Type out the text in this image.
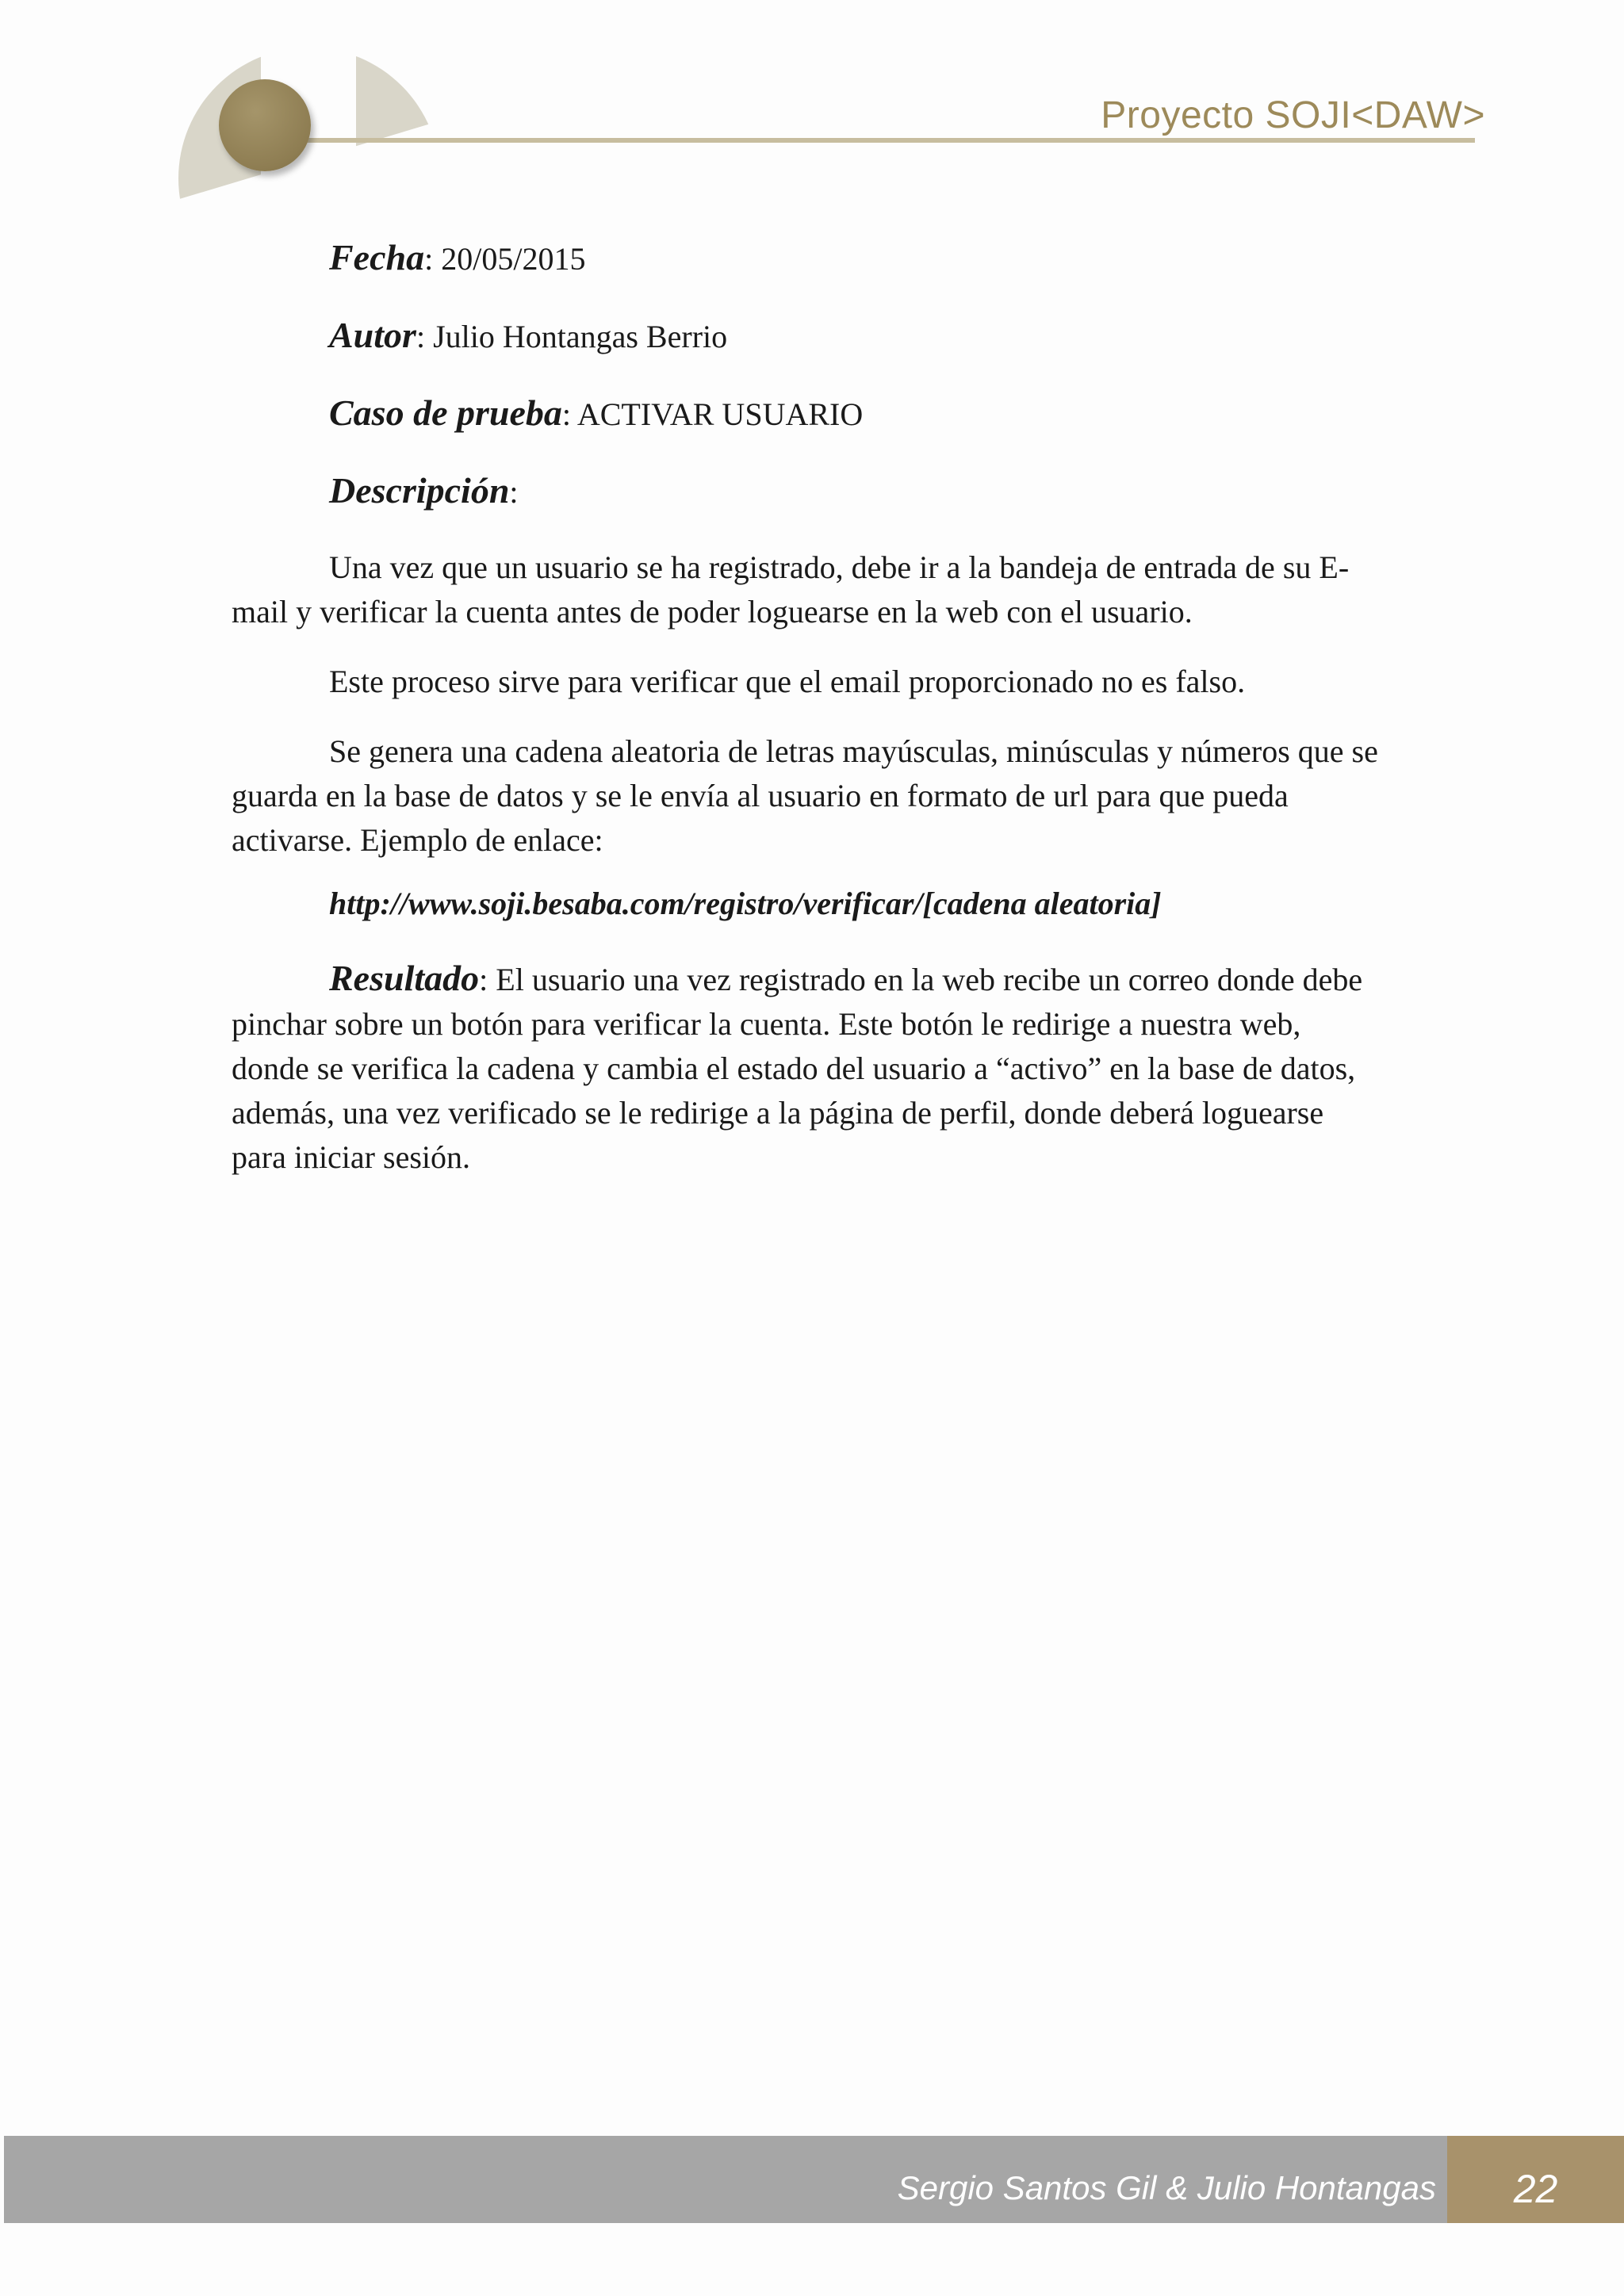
Proyecto SOJI<DAW>
Fecha: 20/05/2015
Autor: Julio Hontangas Berrio
Caso de prueba: ACTIVAR USUARIO
Descripción:
Una vez que un usuario se ha registrado, debe ir a la bandeja de entrada de su E-mail y verificar la cuenta antes de poder loguearse en la web con el usuario.
Este proceso sirve para verificar que el email proporcionado no es falso.
Se genera una cadena aleatoria de letras mayúsculas, minúsculas y números que se guarda en la base de datos y se le envía al usuario en formato de url para que pueda activarse. Ejemplo de enlace:
http://www.soji.besaba.com/registro/verificar/[cadena aleatoria]
Resultado: El usuario una vez registrado en la web recibe un correo donde debe pinchar sobre un botón para verificar la cuenta. Este botón le redirige a nuestra web, donde se verifica la cadena y cambia el estado del usuario a “activo” en la base de datos, además, una vez verificado se le redirige a la página de perfil, donde deberá loguearse para iniciar sesión.
Sergio Santos Gil & Julio Hontangas	22
